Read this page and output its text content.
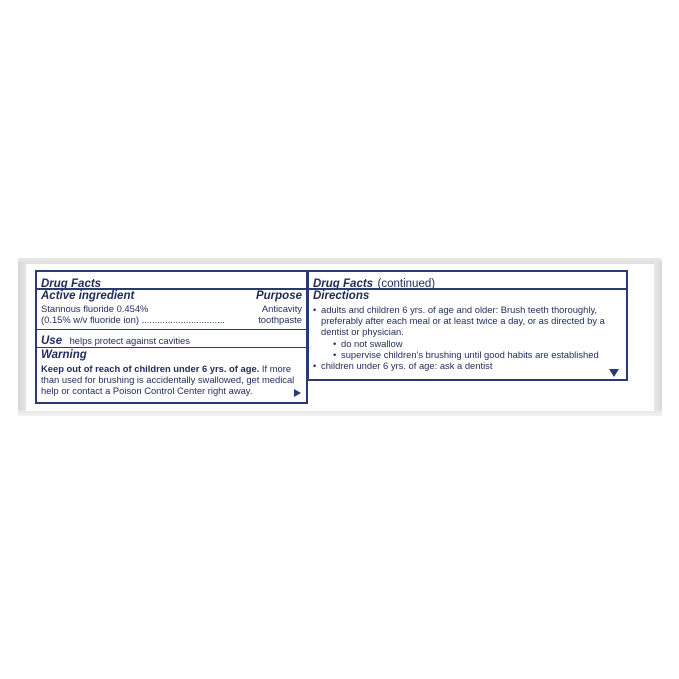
Drug Facts
Active ingredient	Purpose
Stannous fluoride 0.454%	Anticavity
(0.15% w/v fluoride ion) ................................	toothpaste
Use helps protect against cavities
Warning
Keep out of reach of children under 6 yrs. of age. If more than used for brushing is accidentally swallowed, get medical help or contact a Poison Control Center right away.
Drug Facts (continued)
Directions
• adults and children 6 yrs. of age and older: Brush teeth thoroughly, preferably after each meal or at least twice a day, or as directed by a dentist or physician.
• do not swallow
• supervise children's brushing until good habits are established
• children under 6 yrs. of age: ask a dentist
